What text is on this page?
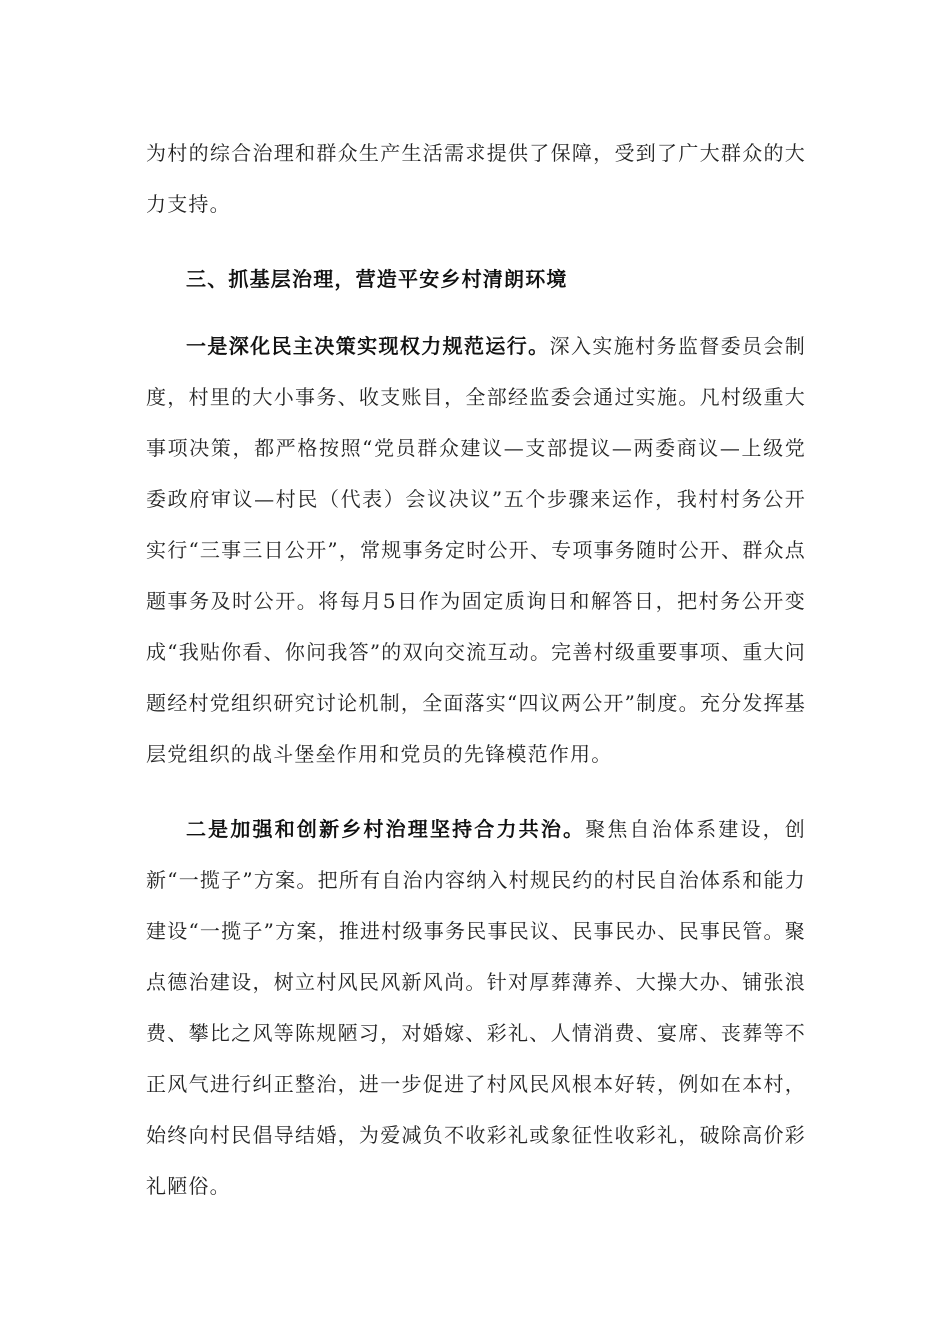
为村的综合治理和群众生产生活需求提供了保障，受到了广大群众的大力支持。

三、抓基层治理，营造平安乡村清朗环境

一是深化民主决策实现权力规范运行。深入实施村务监督委员会制度，村里的大小事务、收支账目，全部经监委会通过实施。凡村级重大事项决策，都严格按照“党员群众建议—支部提议—两委商议—上级党委政府审议—村民（代表）会议决议”五个步骤来运作，我村村务公开实行“三事三日公开”，常规事务定时公开、专项事务随时公开、群众点题事务及时公开。将每月5日作为固定质询日和解答日，把村务公开变成“我贴你看、你问我答”的双向交流互动。完善村级重要事项、重大问题经村党组织研究讨论机制，全面落实“四议两公开”制度。充分发挥基层党组织的战斗堡垒作用和党员的先锋模范作用。

二是加强和创新乡村治理坚持合力共治。聚焦自治体系建设，创新“一揽子”方案。把所有自治内容纳入村规民约的村民自治体系和能力建设“一揽子”方案，推进村级事务民事民议、民事民办、民事民管。聚点德治建设，树立村风民风新风尚。针对厚葬薄养、大操大办、铺张浪费、攀比之风等陈规陋习，对婚嫁、彩礼、人情消费、宴席、丧葬等不正风气进行纠正整治，进一步促进了村风民风根本好转，例如在本村，始终向村民倡导结婚，为爱减负不收彩礼或象征性收彩礼，破除高价彩礼陋俗。
